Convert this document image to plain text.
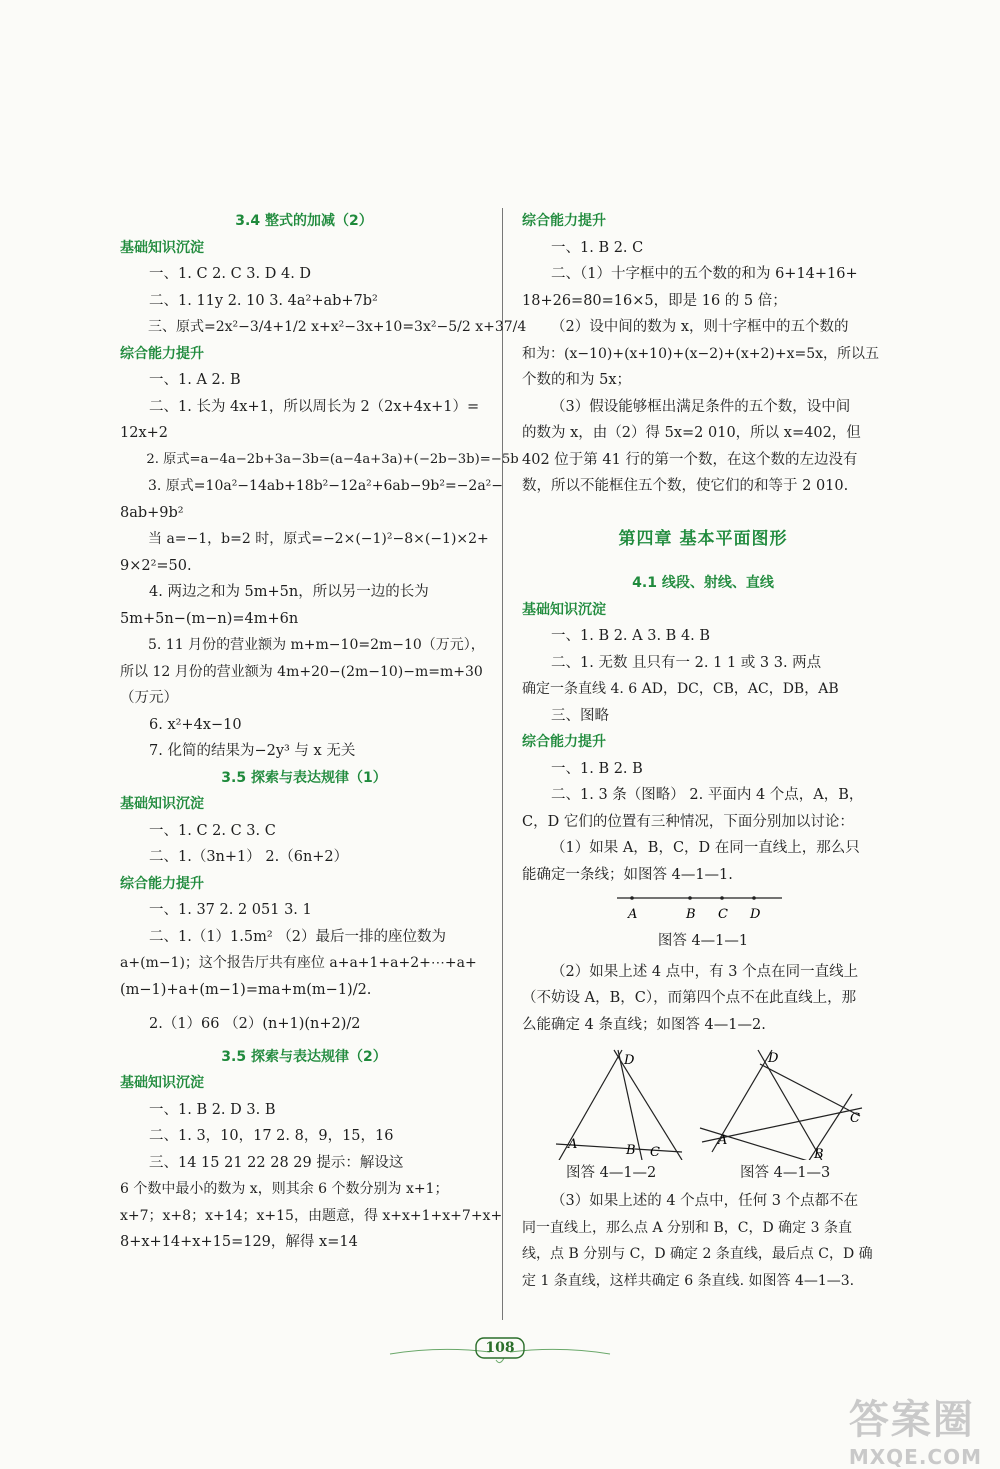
3.4 整式的加减（2）
基础知识沉淀
一、1. C 2. C 3. D 4. D
二、1. 11y 2. 10 3. 4a²+ab+7b²
三、原式=2x²−3/4+1/2 x+x²−3x+10=3x²−5/2 x+37/4
综合能力提升
一、1. A 2. B
二、1. 长为 4x+1，所以周长为 2（2x+4x+1）=
12x+2
2. 原式=a−4a−2b+3a−3b=(a−4a+3a)+(−2b−3b)=−5b
3. 原式=10a²−14ab+18b²−12a²+6ab−9b²=−2a²−
8ab+9b²
当 a=−1，b=2 时，原式=−2×(−1)²−8×(−1)×2+
9×2²=50.
4. 两边之和为 5m+5n，所以另一边的长为
5m+5n−(m−n)=4m+6n
5. 11 月份的营业额为 m+m−10=2m−10（万元），
所以 12 月份的营业额为 4m+20−(2m−10)−m=m+30
（万元）
6. x²+4x−10
7. 化简的结果为−2y³ 与 x 无关
3.5 探索与表达规律（1）
基础知识沉淀
一、1. C 2. C 3. C
二、1.（3n+1） 2.（6n+2）
综合能力提升
一、1. 37 2. 2 051 3. 1
二、1.（1）1.5m² （2）最后一排的座位数为
a+(m−1)；这个报告厅共有座位 a+a+1+a+2+⋯+a+
(m−1)+a+(m−1)=ma+m(m−1)/2.
2.（1）66 （2）(n+1)(n+2)/2
3.5 探索与表达规律（2）
基础知识沉淀
一、1. B 2. D 3. B
二、1. 3，10，17 2. 8，9，15，16
三、14 15 21 22 28 29 提示：解设这
6 个数中最小的数为 x，则其余 6 个数分别为 x+1；
x+7；x+8；x+14；x+15，由题意，得 x+x+1+x+7+x+
8+x+14+x+15=129，解得 x=14
综合能力提升
一、1. B 2. C
二、（1）十字框中的五个数的和为 6+14+16+
18+26=80=16×5，即是 16 的 5 倍；
（2）设中间的数为 x，则十字框中的五个数的
和为：(x−10)+(x+10)+(x−2)+(x+2)+x=5x，所以五
个数的和为 5x；
（3）假设能够框出满足条件的五个数，设中间
的数为 x，由（2）得 5x=2 010，所以 x=402，但
402 位于第 41 行的第一个数，在这个数的左边没有
数，所以不能框住五个数，使它们的和等于 2 010.
第四章 基本平面图形
4.1 线段、射线、直线
基础知识沉淀
一、1. B 2. A 3. B 4. B
二、1. 无数 且只有一 2. 1 1 或 3 3. 两点
确定一条直线 4. 6 AD，DC，CB，AC，DB，AB
三、图略
综合能力提升
一、1. B 2. B
二、1. 3 条（图略） 2. 平面内 4 个点，A，B，
C，D 它们的位置有三种情况，下面分别加以讨论：
（1）如果 A，B，C，D 在同一直线上，那么只
能确定一条线；如图答 4—1—1.
A	B C D
图答 4—1—1
（2）如果上述 4 点中，有 3 个点在同一直线上
（不妨设 A，B，C），而第四个点不在此直线上，那
么能确定 4 条直线；如图答 4—1—2.
D
A	B C
D
C
A
B
图答 4—1—2	图答 4—1—3
（3）如果上述的 4 个点中，任何 3 个点都不在
同一直线上，那么点 A 分别和 B，C，D 确定 3 条直
线，点 B 分别与 C，D 确定 2 条直线，最后点 C，D 确
定 1 条直线，这样共确定 6 条直线. 如图答 4—1—3.
108
答案圈
MXQE.COM
